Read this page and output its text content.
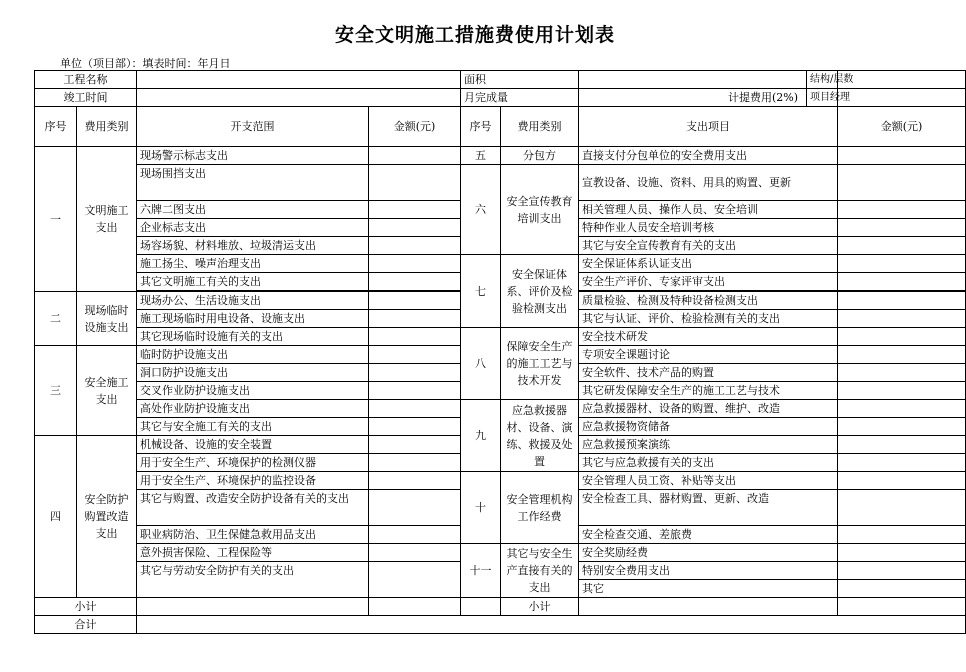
安全文明施工措施费使用计划表
单位（项目部）：填表时间：年月日
工程名称				面积			结构/层数	
竣工时间				月完成量		计提费用(2%)	项目经理	
序号	费用类别	开支范围	金额(元)	序号	费用类别	支出项目		金额(元)
一	文明施工支出	现场警示标志支出		五	分包方	直接支付分包单位的安全费用支出		
		现场围挡支出		六	安全宣传教育培训支出	宣教设备、设施、资料、用具的购置、更新		
		六牌二图支出				相关管理人员、操作人员、安全培训		
		企业标志支出				特种作业人员安全培训考核		
		场容场貌、材料堆放、垃圾清运支出				其它与安全宣传教育有关的支出		
		施工扬尘、噪声治理支出		七	安全保证体系、评价及检验检测支出	安全保证体系认证支出		
		其它文明施工有关的支出				安全生产评价、专家评审支出		

二	现场临时设施支出	现场办公、生活设施支出				质量检验、检测及特种设备检测支出		
		施工现场临时用电设备、设施支出				其它与认证、评价、检验检测有关的支出		
		其它现场临时设施有关的支出		八	保障安全生产的施工工艺与技术开发	安全技术研发		
三	安全施工支出	临时防护设施支出				专项安全课题讨论		
		洞口防护设施支出				安全软件、技术产品的购置		
		交叉作业防护设施支出				其它研发保障安全生产的施工工艺与技术		
		高处作业防护设施支出		九	应急救援器材、设备、演练、救援及处置	应急救援器材、设备的购置、维护、改造		
		其它与安全施工有关的支出				应急救援物资储备		
四	安全防护购置改造支出	机械设备、设施的安全装置				应急救援预案演练		
		用于安全生产、环境保护的检测仪器				其它与应急救援有关的支出		
		用于安全生产、环境保护的监控设备		十	安全管理机构工作经费	安全管理人员工资、补贴等支出		
		其它与购置、改造安全防护设备有关的支出				安全检查工具、器材购置、更新、改造		
		职业病防治、卫生保健急救用品支出				安全检查交通、差旅费		
		意外损害保险、工程保险等		十一	其它与安全生产直接有关的支出	安全奖励经费		
		其它与劳动安全防护有关的支出				特别安全费用支出		
						其它		
小计					小计			
合计								
